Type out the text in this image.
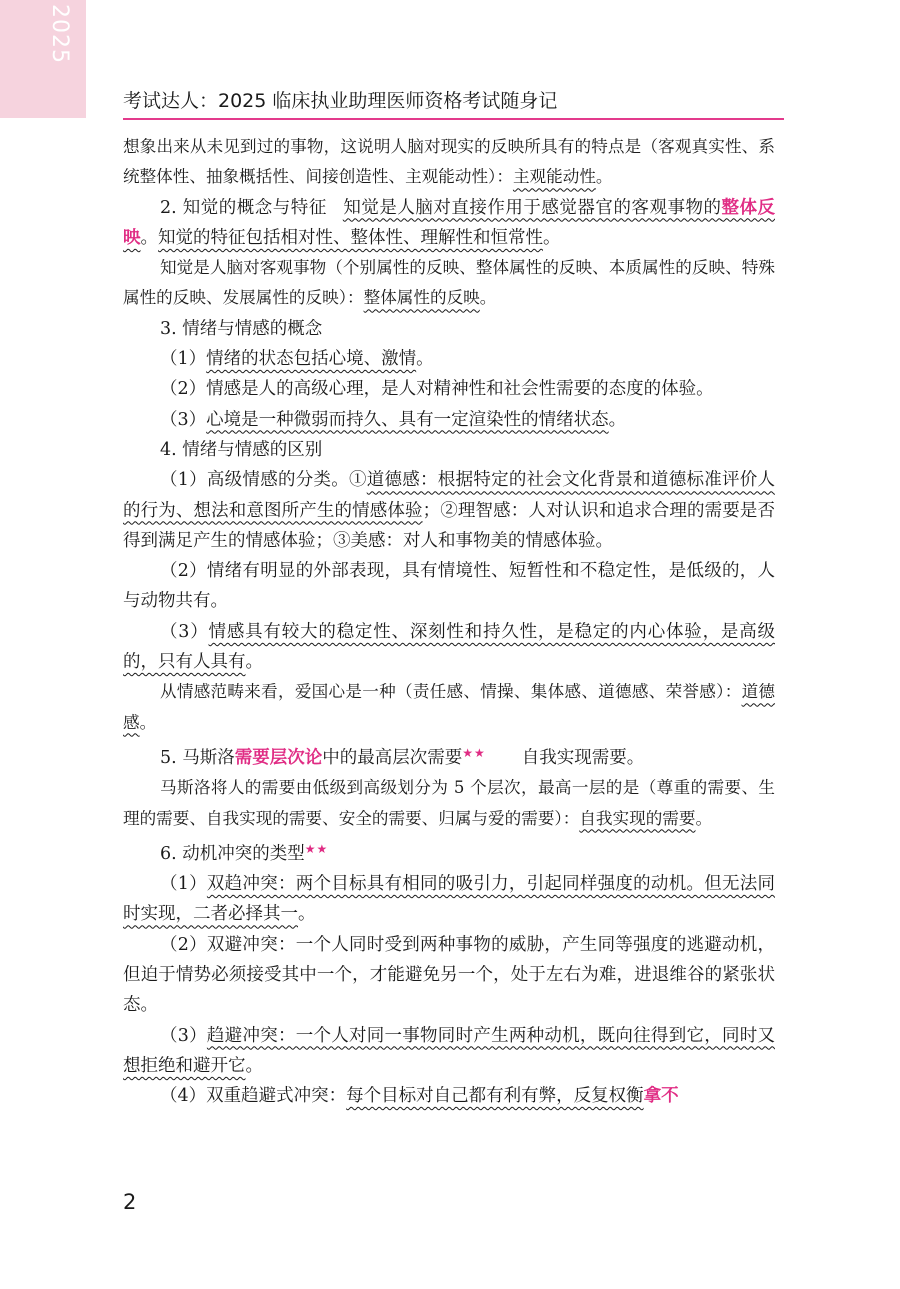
2025
考试达人：2025 临床执业助理医师资格考试随身记

想象出来从未见到过的事物，这说明人脑对现实的反映所具有的特点是（客观真实性、系统整体性、抽象概括性、间接创造性、主观能动性）：主观能动性。

2. 知觉的概念与特征 知觉是人脑对直接作用于感觉器官的客观事物的整体反映。知觉的特征包括相对性、整体性、理解性和恒常性。

知觉是人脑对客观事物（个别属性的反映、整体属性的反映、本质属性的反映、特殊属性的反映、发展属性的反映）：整体属性的反映。

3. 情绪与情感的概念

（1）情绪的状态包括心境、激情。

（2）情感是人的高级心理，是人对精神性和社会性需要的态度的体验。

（3）心境是一种微弱而持久、具有一定渲染性的情绪状态。

4. 情绪与情感的区别

（1）高级情感的分类。①道德感：根据特定的社会文化背景和道德标准评价人的行为、想法和意图所产生的情感体验；②理智感：人对认识和追求合理的需要是否得到满足产生的情感体验；③美感：对人和事物美的情感体验。

（2）情绪有明显的外部表现，具有情境性、短暂性和不稳定性，是低级的，人与动物共有。

（3）情感具有较大的稳定性、深刻性和持久性，是稳定的内心体验，是高级的，只有人具有。

从情感范畴来看，爱国心是一种（责任感、情操、集体感、道德感、荣誉感）：道德感。

5. 马斯洛需要层次论中的最高层次需要★★ 自我实现需要。

马斯洛将人的需要由低级到高级划分为 5 个层次，最高一层的是（尊重的需要、生理的需要、自我实现的需要、安全的需要、归属与爱的需要）：自我实现的需要。

6. 动机冲突的类型★★

（1）双趋冲突：两个目标具有相同的吸引力，引起同样强度的动机。但无法同时实现，二者必择其一。

（2）双避冲突：一个人同时受到两种事物的威胁，产生同等强度的逃避动机，但迫于情势必须接受其中一个，才能避免另一个，处于左右为难，进退维谷的紧张状态。

（3）趋避冲突：一个人对同一事物同时产生两种动机，既向往得到它，同时又想拒绝和避开它。

（4）双重趋避式冲突：每个目标对自己都有利有弊，反复权衡拿不

2
